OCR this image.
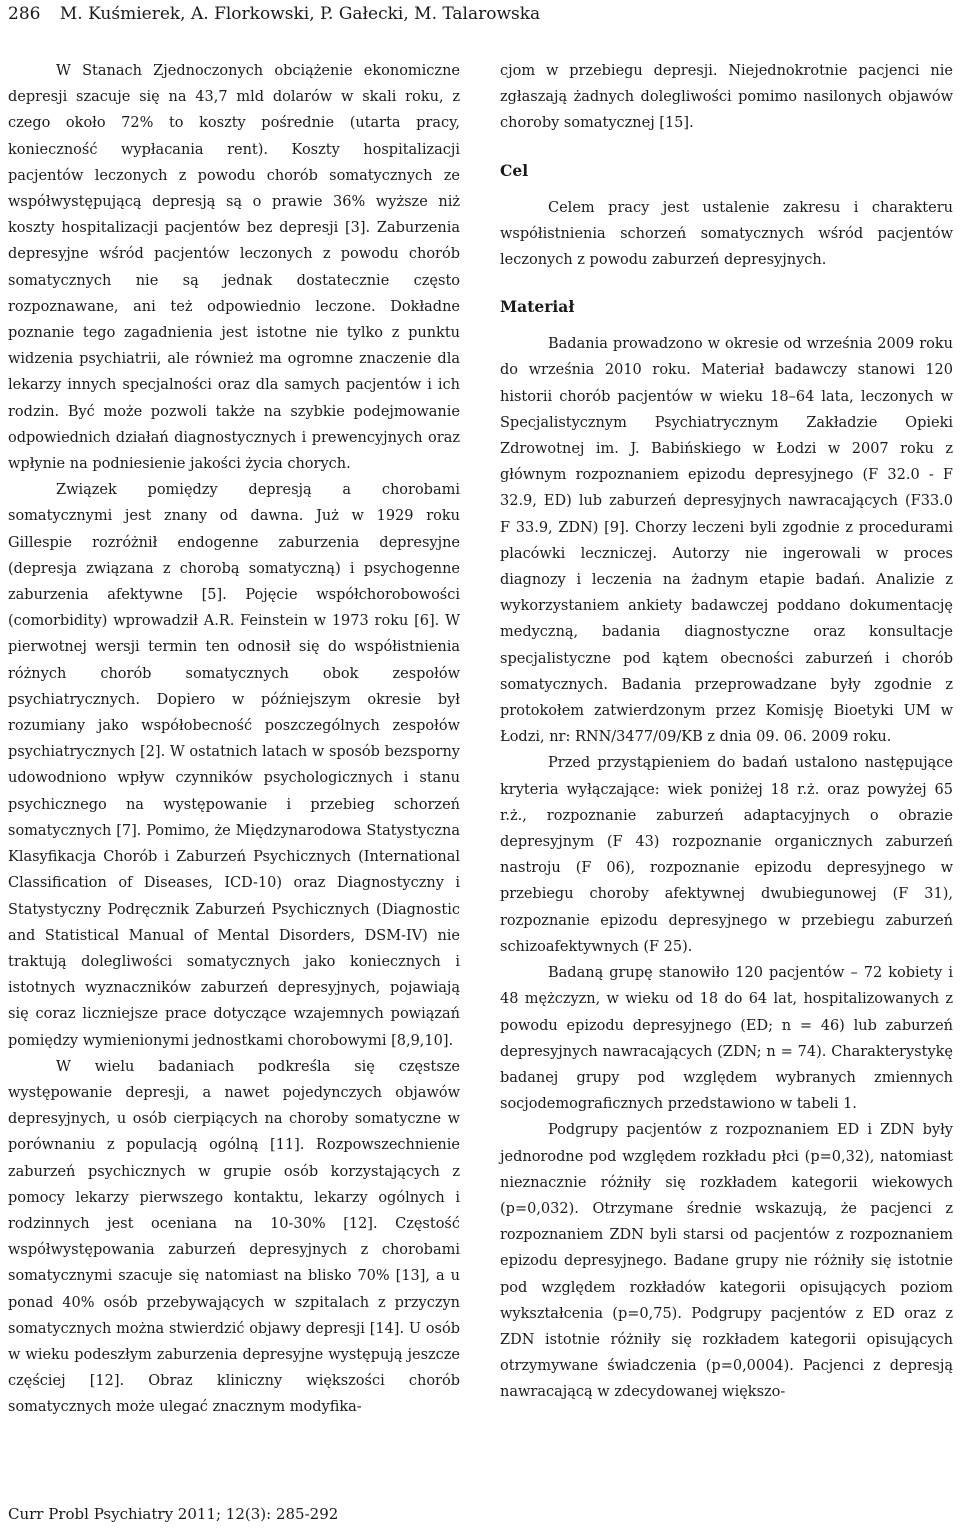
286 M. Kuśmierek, A. Florkowski, P. Gałecki, M. Talarowska

W Stanach Zjednoczonych obciążenie ekonomiczne depresji szacuje się na 43,7 mld dolarów w skali roku, z czego około 72% to koszty pośrednie (utarta pracy, konieczność wypłacania rent). Koszty hospitalizacji pacjentów leczonych z powodu chorób somatycznych ze współwystępującą depresją są o prawie 36% wyższe niż koszty hospitalizacji pacjentów bez depresji [3]. Zaburzenia depresyjne wśród pacjentów leczonych z powodu chorób somatycznych nie są jednak dostatecznie często rozpoznawane, ani też odpowiednio leczone. Dokładne poznanie tego zagadnienia jest istotne nie tylko z punktu widzenia psychiatrii, ale również ma ogromne znaczenie dla lekarzy innych specjalności oraz dla samych pacjentów i ich rodzin. Być może pozwoli także na szybkie podejmowanie odpowiednich działań diagnostycznych i prewencyjnych oraz wpłynie na podniesienie jakości życia chorych.

Związek pomiędzy depresją a chorobami somatycznymi jest znany od dawna. Już w 1929 roku Gillespie rozróżnił endogenne zaburzenia depresyjne (depresja związana z chorobą somatyczną) i psychogenne zaburzenia afektywne [5]. Pojęcie współchorobowości (comorbidity) wprowadził A.R. Feinstein w 1973 roku [6]. W pierwotnej wersji termin ten odnosił się do współistnienia różnych chorób somatycznych obok zespołów psychiatrycznych. Dopiero w późniejszym okresie był rozumiany jako współobecność poszczególnych zespołów psychiatrycznych [2]. W ostatnich latach w sposób bezsporny udowodniono wpływ czynników psychologicznych i stanu psychicznego na występowanie i przebieg schorzeń somatycznych [7]. Pomimo, że Międzynarodowa Statystyczna Klasyfikacja Chorób i Zaburzeń Psychicznych (International Classification of Diseases, ICD-10) oraz Diagnostyczny i Statystyczny Podręcznik Zaburzeń Psychicznych (Diagnostic and Statistical Manual of Mental Disorders, DSM-IV) nie traktują dolegliwości somatycznych jako koniecznych i istotnych wyznaczników zaburzeń depresyjnych, pojawiają się coraz liczniejsze prace dotyczące wzajemnych powiązań pomiędzy wymienionymi jednostkami chorobowymi [8,9,10].

W wielu badaniach podkreśla się częstsze występowanie depresji, a nawet pojedynczych objawów depresyjnych, u osób cierpiących na choroby somatyczne w porównaniu z populacją ogólną [11]. Rozpowszechnienie zaburzeń psychicznych w grupie osób korzystających z pomocy lekarzy pierwszego kontaktu, lekarzy ogólnych i rodzinnych jest oceniana na 10-30% [12]. Częstość współwystępowania zaburzeń depresyjnych z chorobami somatycznymi szacuje się natomiast na blisko 70% [13], a u ponad 40% osób przebywających w szpitalach z przyczyn somatycznych można stwierdzić objawy depresji [14]. U osób w wieku podeszłym zaburzenia depresyjne występują jeszcze częściej [12]. Obraz kliniczny większości chorób somatycznych może ulegać znacznym modyfika-

cjom w przebiegu depresji. Niejednokrotnie pacjenci nie zgłaszają żadnych dolegliwości pomimo nasilonych objawów choroby somatycznej [15].

Cel

Celem pracy jest ustalenie zakresu i charakteru współistnienia schorzeń somatycznych wśród pacjentów leczonych z powodu zaburzeń depresyjnych.

Materiał

Badania prowadzono w okresie od września 2009 roku do września 2010 roku. Materiał badawczy stanowi 120 historii chorób pacjentów w wieku 18–64 lata, leczonych w Specjalistycznym Psychiatrycznym Zakładzie Opieki Zdrowotnej im. J. Babińskiego w Łodzi w 2007 roku z głównym rozpoznaniem epizodu depresyjnego (F 32.0 - F 32.9, ED) lub zaburzeń depresyjnych nawracających (F33.0 F 33.9, ZDN) [9]. Chorzy leczeni byli zgodnie z procedurami placówki leczniczej. Autorzy nie ingerowali w proces diagnozy i leczenia na żadnym etapie badań. Analizie z wykorzystaniem ankiety badawczej poddano dokumentację medyczną, badania diagnostyczne oraz konsultacje specjalistyczne pod kątem obecności zaburzeń i chorób somatycznych. Badania przeprowadzane były zgodnie z protokołem zatwierdzonym przez Komisję Bioetyki UM w Łodzi, nr: RNN/3477/09/KB z dnia 09. 06. 2009 roku.

Przed przystąpieniem do badań ustalono następujące kryteria wyłączające: wiek poniżej 18 r.ż. oraz powyżej 65 r.ż., rozpoznanie zaburzeń adaptacyjnych o obrazie depresyjnym (F 43) rozpoznanie organicznych zaburzeń nastroju (F 06), rozpoznanie epizodu depresyjnego w przebiegu choroby afektywnej dwubiegunowej (F 31), rozpoznanie epizodu depresyjnego w przebiegu zaburzeń schizoafektywnych (F 25).

Badaną grupę stanowiło 120 pacjentów – 72 kobiety i 48 mężczyzn, w wieku od 18 do 64 lat, hospitalizowanych z powodu epizodu depresyjnego (ED; n = 46) lub zaburzeń depresyjnych nawracających (ZDN; n = 74). Charakterystykę badanej grupy pod względem wybranych zmiennych socjodemograficznych przedstawiono w tabeli 1.

Podgrupy pacjentów z rozpoznaniem ED i ZDN były jednorodne pod względem rozkładu płci (p=0,32), natomiast nieznacznie różniły się rozkładem kategorii wiekowych (p=0,032). Otrzymane średnie wskazują, że pacjenci z rozpoznaniem ZDN byli starsi od pacjentów z rozpoznaniem epizodu depresyjnego. Badane grupy nie różniły się istotnie pod względem rozkładów kategorii opisujących poziom wykształcenia (p=0,75). Podgrupy pacjentów z ED oraz z ZDN istotnie różniły się rozkładem kategorii opisujących otrzymywane świadczenia (p=0,0004). Pacjenci z depresją nawracającą w zdecydowanej większo-

Curr Probl Psychiatry 2011; 12(3): 285-292
